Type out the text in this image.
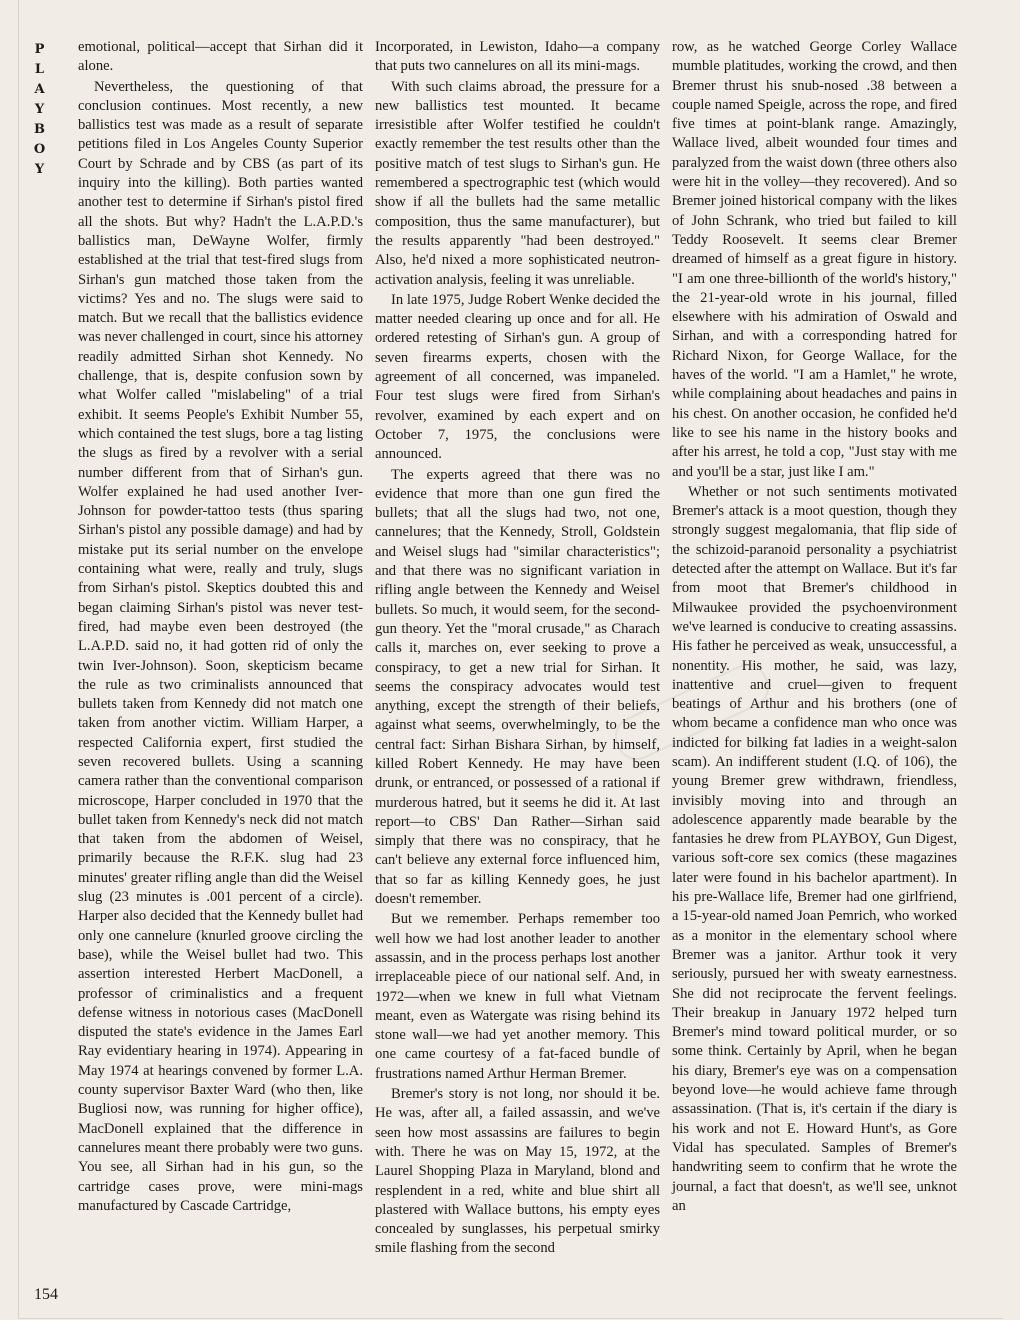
P
L
A
Y
B
O
Y

emotional, political—accept that Sirhan did it alone.

Nevertheless, the questioning of that conclusion continues. Most recently, a new ballistics test was made as a result of separate petitions filed in Los Angeles County Superior Court by Schrade and by CBS (as part of its inquiry into the killing). Both parties wanted another test to determine if Sirhan's pistol fired all the shots. But why? Hadn't the L.A.P.D.'s ballistics man, DeWayne Wolfer, firmly established at the trial that test-fired slugs from Sirhan's gun matched those taken from the victims? Yes and no. The slugs were said to match. But we recall that the ballistics evidence was never challenged in court, since his attorney readily admitted Sirhan shot Kennedy. No challenge, that is, despite confusion sown by what Wolfer called "mislabeling" of a trial exhibit. It seems People's Exhibit Number 55, which contained the test slugs, bore a tag listing the slugs as fired by a revolver with a serial number different from that of Sirhan's gun. Wolfer explained he had used another Iver-Johnson for powder-tattoo tests (thus sparing Sirhan's pistol any possible damage) and had by mistake put its serial number on the envelope containing what were, really and truly, slugs from Sirhan's pistol. Skeptics doubted this and began claiming Sirhan's pistol was never test-fired, had maybe even been destroyed (the L.A.P.D. said no, it had gotten rid of only the twin Iver-Johnson). Soon, skepticism became the rule as two criminalists announced that bullets taken from Kennedy did not match one taken from another victim. William Harper, a respected California expert, first studied the seven recovered bullets. Using a scanning camera rather than the conventional comparison microscope, Harper concluded in 1970 that the bullet taken from Kennedy's neck did not match that taken from the abdomen of Weisel, primarily because the R.F.K. slug had 23 minutes' greater rifling angle than did the Weisel slug (23 minutes is .001 percent of a circle). Harper also decided that the Kennedy bullet had only one cannelure (knurled groove circling the base), while the Weisel bullet had two. This assertion interested Herbert MacDonell, a professor of criminalistics and a frequent defense witness in notorious cases (MacDonell disputed the state's evidence in the James Earl Ray evidentiary hearing in 1974). Appearing in May 1974 at hearings convened by former L.A. county supervisor Baxter Ward (who then, like Bugliosi now, was running for higher office), MacDonell explained that the difference in cannelures meant there probably were two guns. You see, all Sirhan had in his gun, so the cartridge cases prove, were mini-mags manufactured by Cascade Cartridge,

Incorporated, in Lewiston, Idaho—a company that puts two cannelures on all its mini-mags.

With such claims abroad, the pressure for a new ballistics test mounted. It became irresistible after Wolfer testified he couldn't exactly remember the test results other than the positive match of test slugs to Sirhan's gun. He remembered a spectrographic test (which would show if all the bullets had the same metallic composition, thus the same manufacturer), but the results apparently "had been destroyed." Also, he'd nixed a more sophisticated neutron-activation analysis, feeling it was unreliable.

In late 1975, Judge Robert Wenke decided the matter needed clearing up once and for all. He ordered retesting of Sirhan's gun. A group of seven firearms experts, chosen with the agreement of all concerned, was impaneled. Four test slugs were fired from Sirhan's revolver, examined by each expert and on October 7, 1975, the conclusions were announced.

The experts agreed that there was no evidence that more than one gun fired the bullets; that all the slugs had two, not one, cannelures; that the Kennedy, Stroll, Goldstein and Weisel slugs had "similar characteristics"; and that there was no significant variation in rifling angle between the Kennedy and Weisel bullets. So much, it would seem, for the second-gun theory. Yet the "moral crusade," as Charach calls it, marches on, ever seeking to prove a conspiracy, to get a new trial for Sirhan. It seems the conspiracy advocates would test anything, except the strength of their beliefs, against what seems, overwhelmingly, to be the central fact: Sirhan Bishara Sirhan, by himself, killed Robert Kennedy. He may have been drunk, or entranced, or possessed of a rational if murderous hatred, but it seems he did it. At last report—to CBS' Dan Rather—Sirhan said simply that there was no conspiracy, that he can't believe any external force influenced him, that so far as killing Kennedy goes, he just doesn't remember.

But we remember. Perhaps remember too well how we had lost another leader to another assassin, and in the process perhaps lost another irreplaceable piece of our national self. And, in 1972—when we knew in full what Vietnam meant, even as Watergate was rising behind its stone wall—we had yet another memory. This one came courtesy of a fat-faced bundle of frustrations named Arthur Herman Bremer.

Bremer's story is not long, nor should it be. He was, after all, a failed assassin, and we've seen how most assassins are failures to begin with. There he was on May 15, 1972, at the Laurel Shopping Plaza in Maryland, blond and resplendent in a red, white and blue shirt all plastered with Wallace buttons, his empty eyes concealed by sunglasses, his perpetual smirky smile flashing from the second

row, as he watched George Corley Wallace mumble platitudes, working the crowd, and then Bremer thrust his snub-nosed .38 between a couple named Speigle, across the rope, and fired five times at point-blank range. Amazingly, Wallace lived, albeit wounded four times and paralyzed from the waist down (three others also were hit in the volley—they recovered). And so Bremer joined historical company with the likes of John Schrank, who tried but failed to kill Teddy Roosevelt. It seems clear Bremer dreamed of himself as a great figure in history. "I am one three-billionth of the world's history," the 21-year-old wrote in his journal, filled elsewhere with his admiration of Oswald and Sirhan, and with a corresponding hatred for Richard Nixon, for George Wallace, for the haves of the world. "I am a Hamlet," he wrote, while complaining about headaches and pains in his chest. On another occasion, he confided he'd like to see his name in the history books and after his arrest, he told a cop, "Just stay with me and you'll be a star, just like I am."

Whether or not such sentiments motivated Bremer's attack is a moot question, though they strongly suggest megalomania, that flip side of the schizoid-paranoid personality a psychiatrist detected after the attempt on Wallace. But it's far from moot that Bremer's childhood in Milwaukee provided the psychoenvironment we've learned is conducive to creating assassins. His father he perceived as weak, unsuccessful, a nonentity. His mother, he said, was lazy, inattentive and cruel—given to frequent beatings of Arthur and his brothers (one of whom became a confidence man who once was indicted for bilking fat ladies in a weight-salon scam). An indifferent student (I.Q. of 106), the young Bremer grew withdrawn, friendless, invisibly moving into and through an adolescence apparently made bearable by the fantasies he drew from PLAYBOY, Gun Digest, various soft-core sex comics (these magazines later were found in his bachelor apartment). In his pre-Wallace life, Bremer had one girlfriend, a 15-year-old named Joan Pemrich, who worked as a monitor in the elementary school where Bremer was a janitor. Arthur took it very seriously, pursued her with sweaty earnestness. She did not reciprocate the fervent feelings. Their breakup in January 1972 helped turn Bremer's mind toward political murder, or so some think. Certainly by April, when he began his diary, Bremer's eye was on a compensation beyond love—he would achieve fame through assassination. (That is, it's certain if the diary is his work and not E. Howard Hunt's, as Gore Vidal has speculated. Samples of Bremer's handwriting seem to confirm that he wrote the journal, a fact that doesn't, as we'll see, unknot an

154
